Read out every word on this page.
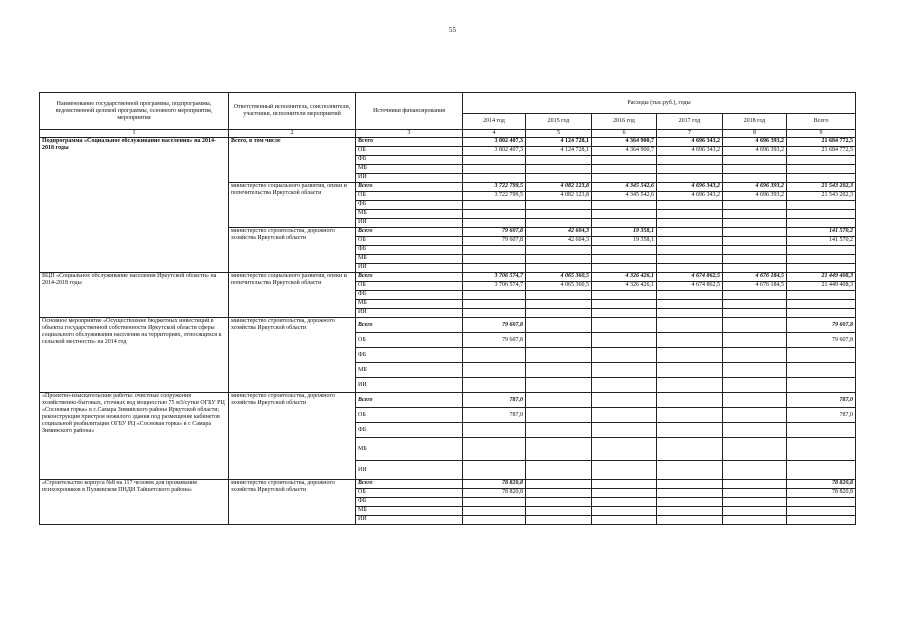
55
Наименование государственной программы, подпрограммы, ведомственной целевой программы, основного мероприятия, мероприятия	Ответственный исполнитель, соисполнители, участники, исполнители мероприятий	Источники финансирования	Расходы (тыс.руб.), годы					
			2014 год	2015 год	2016 год	2017 год	2018 год	Всего
1	2	3	4	5	6	7	8	9
Подпрограмма «Социальное обслуживание населения» на 2014-2018 годы	Всего, в том числе	Всего	3 802 407,3	4 124 728,1	4 364 900,7	4 696 343,2	4 696 393,2	21 684 772,5
		ОБ	3 802 407,3	4 124 728,1	4 364 900,7	4 696 343,2	4 696 393,2	21 684 772,5
		ФБ						
		МБ						
		ИИ						
	министерство социального развития, опеки и попечительства Иркутской области	Всего	3 722 799,5	4 082 123,8	4 345 542,6	4 696 343,2	4 696 393,2	21 543 202,3
		ОБ	3 722 799,5	4 082 123,8	4 345 542,6	4 696 343,2	4 696 393,2	21 543 202,3
		ФБ						
		МБ						
		ИИ						
	министерство строительства, дорожного хозяйства Иркутской области	Всего	79 607,8	42 604,3	19 358,1			141 570,2
		ОБ	79 607,8	42 604,3	19 358,1			141 570,2
		ФБ						
		МБ						
		ИИ						
ВЦП «Социальное обслуживание населения Иркутской области» на 2014-2018 годы	министерство социального развития, опеки и попечительства Иркутской области	Всего	3 706 574,7	4 065 360,5	4 326 426,1	4 674 862,5	4 676 184,5	21 449 408,3
		ОБ	3 706 574,7	4 065 360,5	4 326 426,1	4 674 862,5	4 676 184,5	21 449 408,3
		ФБ						
		МБ						
		ИИ						
Основное мероприятие «Осуществление бюджетных инвестиций в объекты государственной собственности Иркутской области сферы социального обслуживания населения на территориях, относящихся к сельской местности» на 2014 год	министерство строительства, дорожного хозяйства Иркутской области	Всего	79 607,8					79 607,8
		ОБ	79 607,8					79 607,8
		ФБ						
		МБ						
		ИИ						
«Проектно-изыскательские работы: очистные сооружения хозяйственно-бытовых, сточных вод мощностью 75 м3/сутки ОГБУ РЦ «Сосновая горка» в с.Самара Зиминского района Иркутской области; реконструкция пристроя нежилого здания под размещение кабинетов социальной реабилитации ОГБУ РЦ «Сосновая горка» в с Самара Зиминского района»	министерство строительства, дорожного хозяйства Иркутской области	Всего	787,0					787,0
		ОБ	787,0					787,0
		ФБ						
		МБ						
		ИИ						
«Строительство корпуса №8 на 117 человек для проживания психохроников в Пуляевском ПНДИ Тайшетского района»	министерство строительства, дорожного хозяйства Иркутской области	Всего	78 820,8					78 820,8
		ОБ	78 820,8					78 820,8
		ФБ						
		МБ						
		ИИ						
